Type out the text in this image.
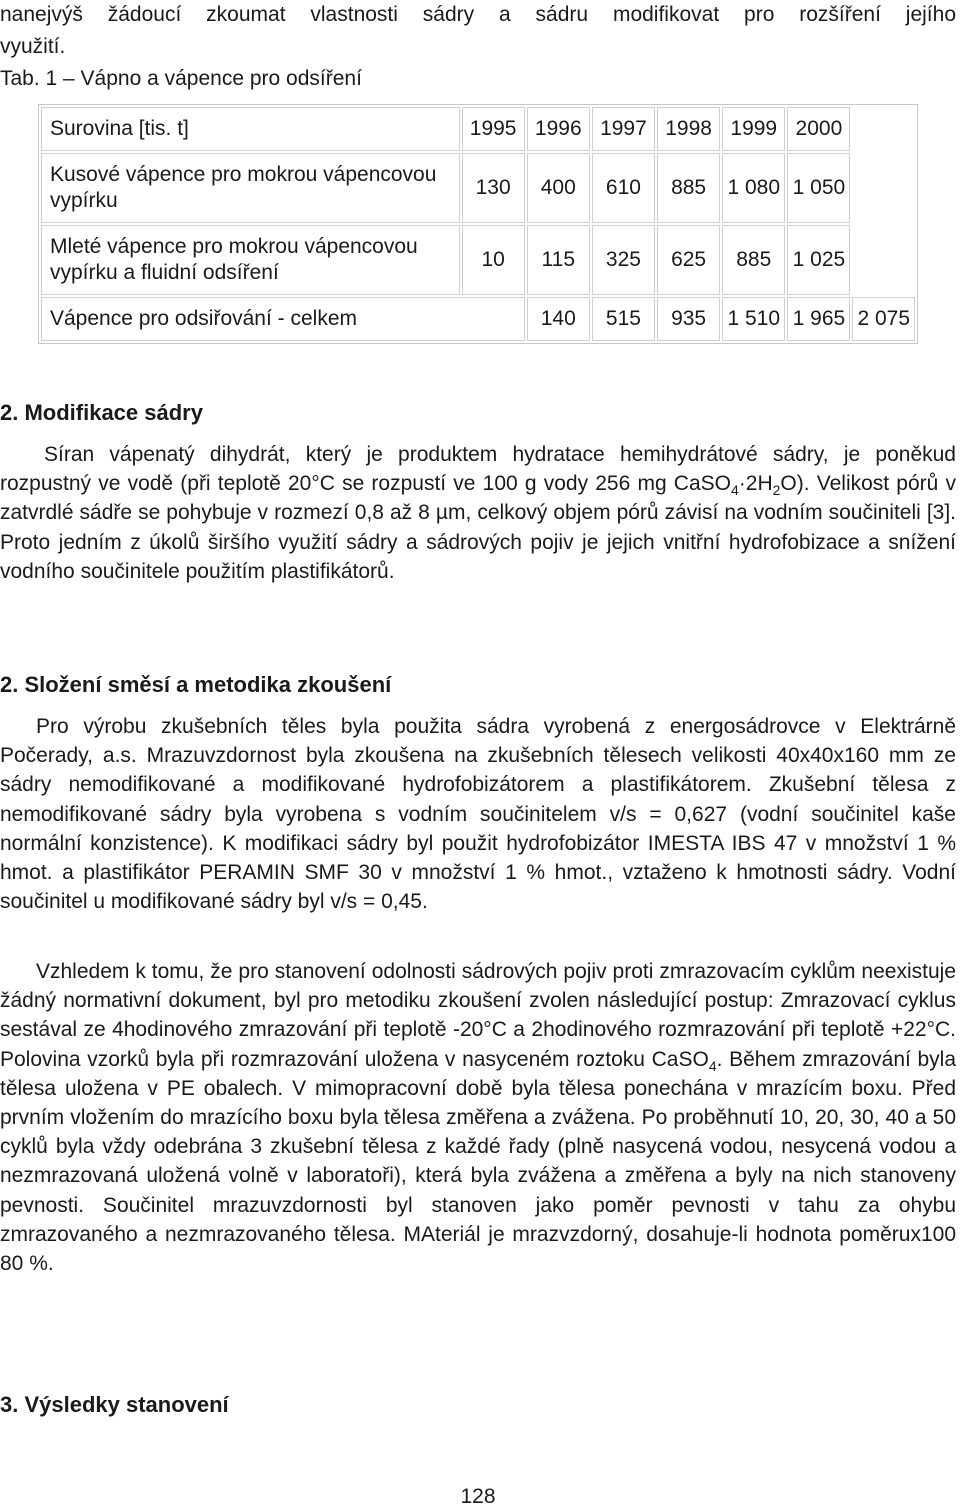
nanejvýš žádoucí zkoumat vlastnosti sádry a sádru modifikovat pro rozšíření jejího
využití.
Tab. 1 – Vápno a vápence pro odsíření
Surovina [tis. t]	1995	1996	1997	1998	1999	2000	
Kusové vápence pro mokrou vápencovou vypírku	130	400	610	885	1 080	1 050	
Mleté vápence pro mokrou vápencovou vypírku a fluidní odsíření	10	115	325	625	885	1 025	
Vápence pro odsiřování - celkem		140	515	935	1 510	1 965	2 075
2. Modifikace sádry
Síran vápenatý dihydrát, který je produktem hydratace hemihydrátové sádry, je poněkud rozpustný ve vodě (při teplotě 20°C se rozpustí ve 100 g vody 256 mg $CaSO_4\cdot 2H_2O$). Velikost pórů v zatvrdlé sádře se pohybuje v rozmezí 0,8 až 8 µm, celkový objem pórů závisí na vodním součiniteli [3]. Proto jedním z úkolů širšího využití sádry a sádrových pojiv je jejich vnitřní hydrofobizace a snížení vodního součinitele použitím plastifikátorů.
2. Složení směsí a metodika zkoušení
Pro výrobu zkušebních těles byla použita sádra vyrobená z energosádrovce v Elektrárně Počerady, a.s. Mrazuvzdornost byla zkoušena na zkušebních tělesech velikosti 40x40x160 mm ze sádry nemodifikované a modifikované hydrofobizátorem a plastifikátorem. Zkušební tělesa z nemodifikované sádry byla vyrobena s vodním součinitelem v/s = 0,627 (vodní součinitel kaše normální konzistence). K modifikaci sádry byl použit hydrofobizátor IMESTA IBS 47 v množství 1 % hmot. a plastifikátor PERAMIN SMF 30 v množství 1 % hmot., vztaženo k hmotnosti sádry. Vodní součinitel u modifikované sádry byl v/s = 0,45.
Vzhledem k tomu, že pro stanovení odolnosti sádrových pojiv proti zmrazovacím cyklům neexistuje žádný normativní dokument, byl pro metodiku zkoušení zvolen následující postup: Zmrazovací cyklus sestával ze 4hodinového zmrazování při teplotě -20°C a 2hodinového rozmrazování při teplotě +22°C. Polovina vzorků byla při rozmrazování uložena v nasyceném roztoku CaSO$_4$. Během zmrazování byla tělesa uložena v PE obalech. V mimopracovní době byla tělesa ponechána v mrazícím boxu. Před prvním vložením do mrazícího boxu byla tělesa změřena a zvážena. Po proběhnutí 10, 20, 30, 40 a 50 cyklů byla vždy odebrána 3 zkušební tělesa z každé řady (plně nasycená vodou, nesycená vodou a nezmrazovaná uložená volně v laboratoři), která byla zvážena a změřena a byly na nich stanoveny pevnosti. Součinitel mrazuvzdornosti byl stanoven jako poměr pevnosti v tahu za ohybu zmrazovaného a nezmrazovaného tělesa. MAteriál je mrazvzdorný, dosahuje-li hodnota poměrux100 80 %.
3. Výsledky stanovení
128
